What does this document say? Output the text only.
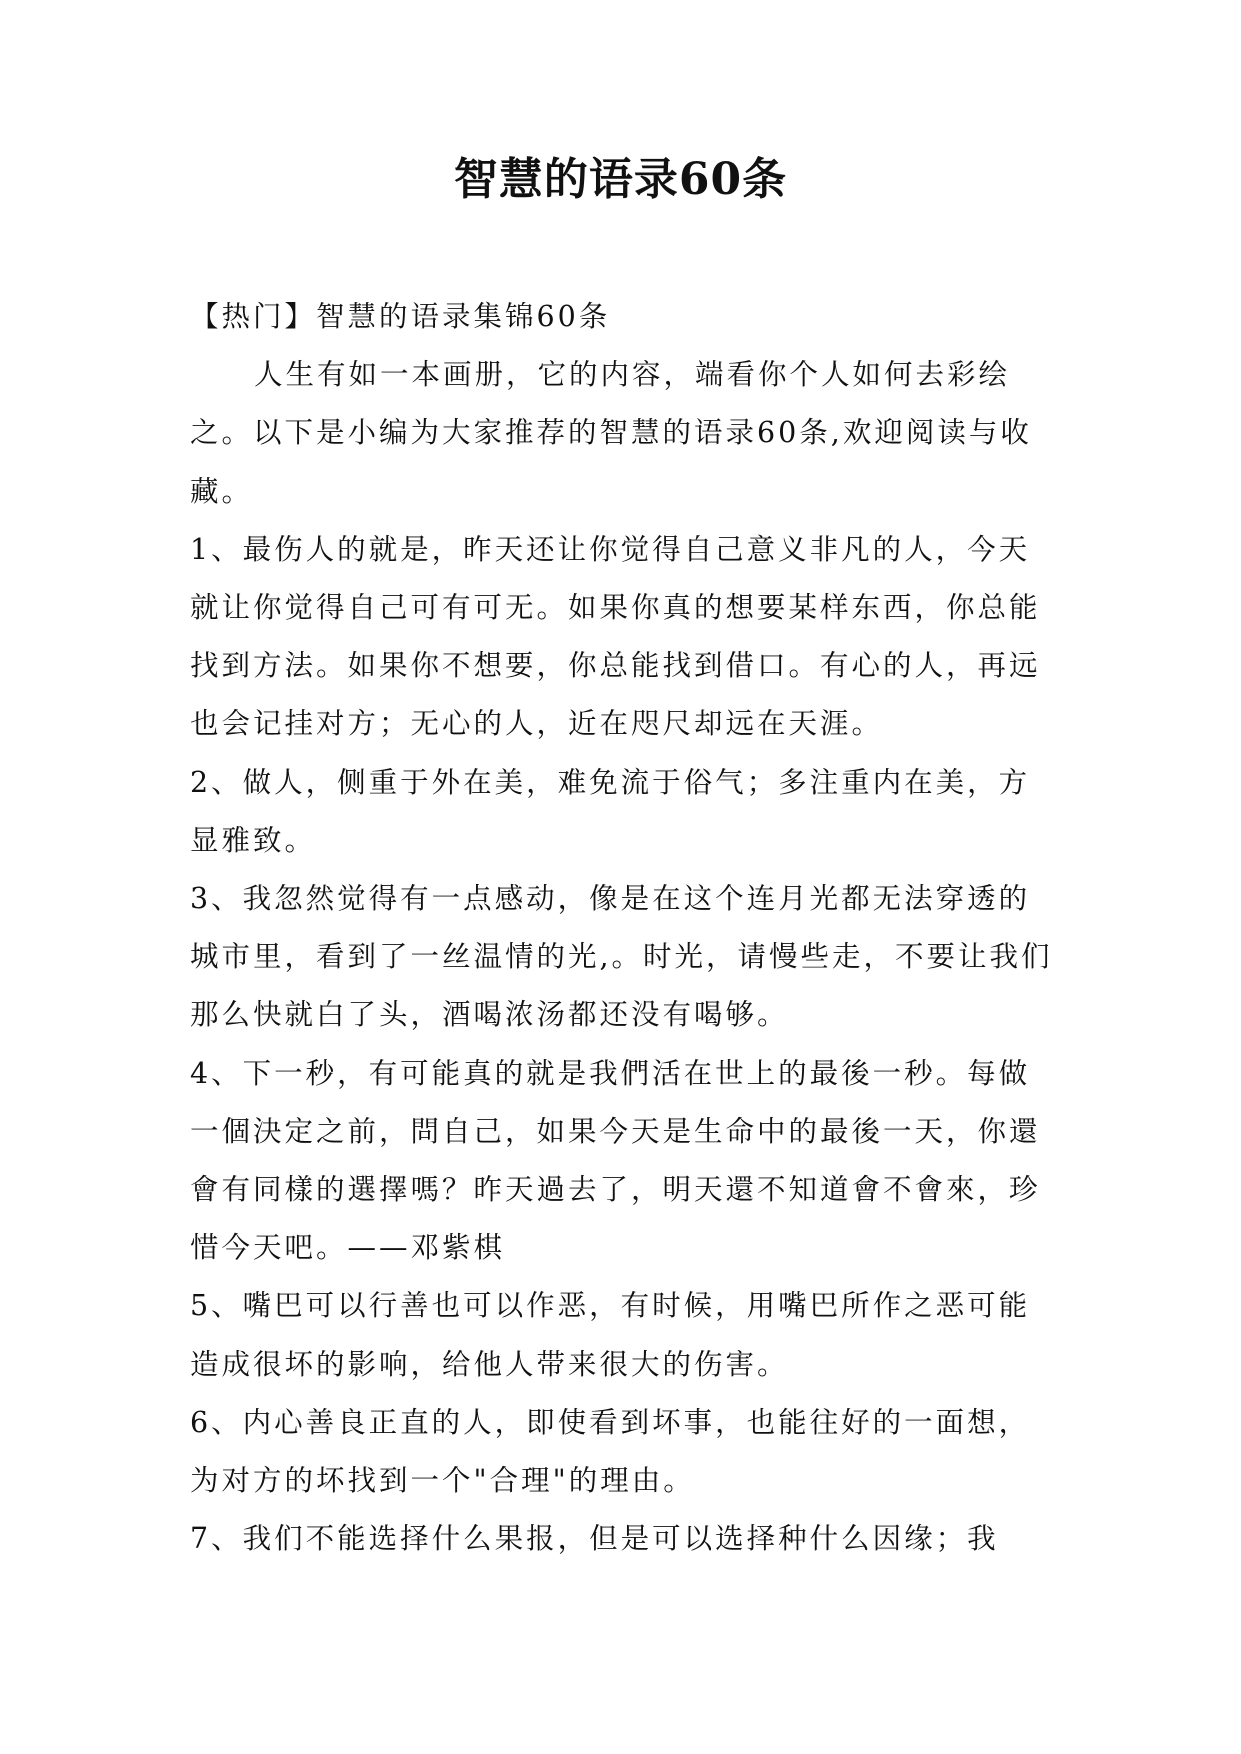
智慧的语录60条

【热门】智慧的语录集锦60条

人生有如一本画册，它的内容，端看你个人如何去彩绘之。以下是小编为大家推荐的智慧的语录60条,欢迎阅读与收藏。

1、最伤人的就是，昨天还让你觉得自己意义非凡的人，今天就让你觉得自己可有可无。如果你真的想要某样东西，你总能找到方法。如果你不想要，你总能找到借口。有心的人，再远也会记挂对方；无心的人，近在咫尺却远在天涯。

2、做人，侧重于外在美，难免流于俗气；多注重内在美，方显雅致。

3、我忽然觉得有一点感动，像是在这个连月光都无法穿透的城市里，看到了一丝温情的光,。时光，请慢些走，不要让我们那么快就白了头，酒喝浓汤都还没有喝够。

4、下一秒，有可能真的就是我們活在世上的最後一秒。每做一個決定之前，問自己，如果今天是生命中的最後一天，你還會有同樣的選擇嗎？昨天過去了，明天還不知道會不會來，珍惜今天吧。——邓紫棋

5、嘴巴可以行善也可以作恶，有时候，用嘴巴所作之恶可能造成很坏的影响，给他人带来很大的伤害。

6、内心善良正直的人，即使看到坏事，也能往好的一面想，为对方的坏找到一个"合理"的理由。

7、我们不能选择什么果报，但是可以选择种什么因缘；我
